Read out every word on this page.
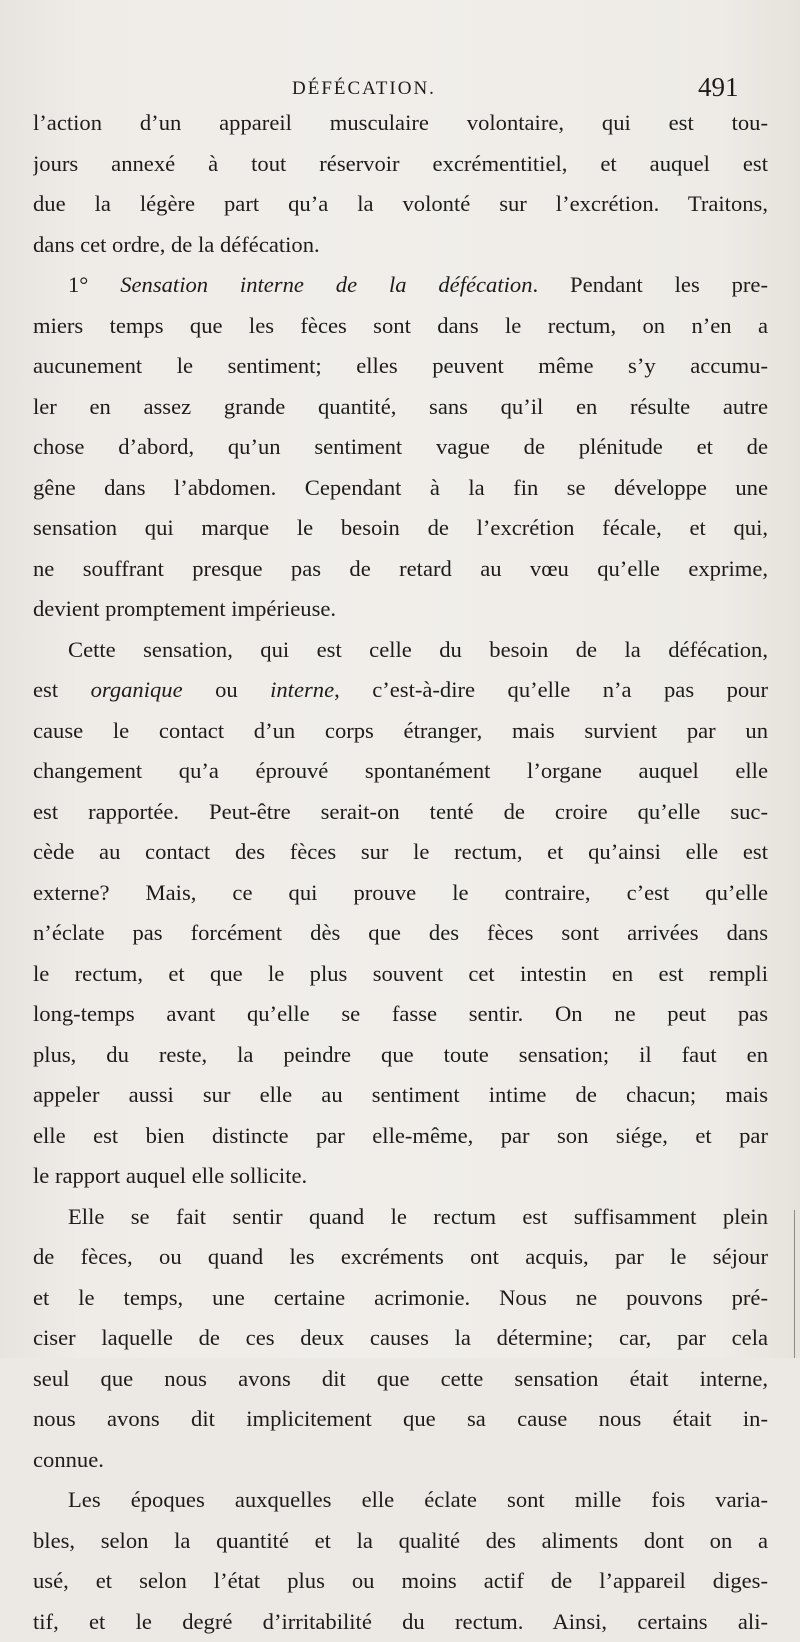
DÉFÉCATION.	491
l’action d’un appareil musculaire volontaire, qui est tou-
jours annexé à tout réservoir excrémentitiel, et auquel est
due la légère part qu’a la volonté sur l’excrétion. Traitons,
dans cet ordre, de la défécation.
1° Sensation interne de la défécation. Pendant les pre-
miers temps que les fèces sont dans le rectum, on n’en a
aucunement le sentiment; elles peuvent même s’y accumu-
ler en assez grande quantité, sans qu’il en résulte autre
chose d’abord, qu’un sentiment vague de plénitude et de
gêne dans l’abdomen. Cependant à la fin se développe une
sensation qui marque le besoin de l’excrétion fécale, et qui,
ne souffrant presque pas de retard au vœu qu’elle exprime,
devient promptement impérieuse.
Cette sensation, qui est celle du besoin de la défécation,
est organique ou interne, c’est-à-dire qu’elle n’a pas pour
cause le contact d’un corps étranger, mais survient par un
changement qu’a éprouvé spontanément l’organe auquel elle
est rapportée. Peut-être serait-on tenté de croire qu’elle suc-
cède au contact des fèces sur le rectum, et qu’ainsi elle est
externe? Mais, ce qui prouve le contraire, c’est qu’elle
n’éclate pas forcément dès que des fèces sont arrivées dans
le rectum, et que le plus souvent cet intestin en est rempli
long-temps avant qu’elle se fasse sentir. On ne peut pas
plus, du reste, la peindre que toute sensation; il faut en
appeler aussi sur elle au sentiment intime de chacun; mais
elle est bien distincte par elle-même, par son siége, et par
le rapport auquel elle sollicite.
Elle se fait sentir quand le rectum est suffisamment plein
de fèces, ou quand les excréments ont acquis, par le séjour
et le temps, une certaine acrimonie. Nous ne pouvons pré-
ciser laquelle de ces deux causes la détermine; car, par cela
seul que nous avons dit que cette sensation était interne,
nous avons dit implicitement que sa cause nous était in-
connue.
Les époques auxquelles elle éclate sont mille fois varia-
bles, selon la quantité et la qualité des aliments dont on a
usé, et selon l’état plus ou moins actif de l’appareil diges-
tif, et le degré d’irritabilité du rectum. Ainsi, certains ali-
